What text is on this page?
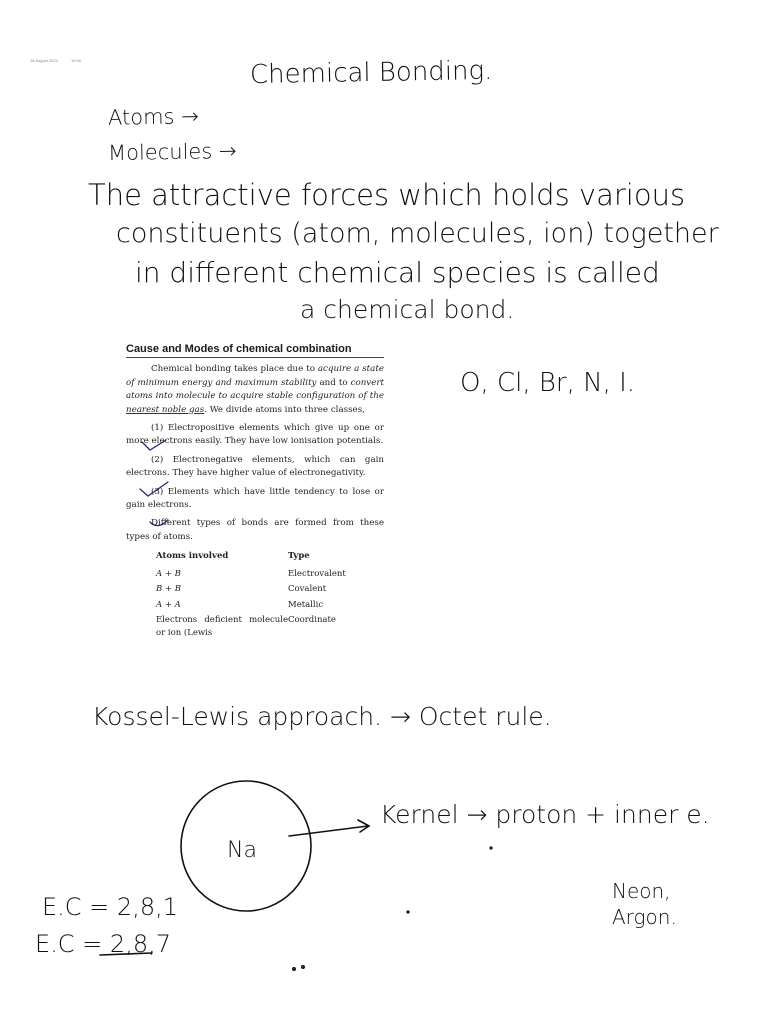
28 August 2024	19:00	Chemical Bonding.
Atoms →
Molecules →
The attractive forces which holds various
constituents (atom, molecules, ion) together
in different chemical species is called
a chemical bond.
Cause and Modes of chemical combination

Chemical bonding takes place due to acquire a state of minimum energy and maximum stability and to convert atoms into molecule to acquire stable configuration of the nearest noble gas. We divide atoms into three classes,

(1) Electropositive elements which give up one or more electrons easily. They have low ionisation potentials.

(2) Electronegative elements, which can gain electrons. They have higher value of electronegativity.

(3) Elements which have little tendency to lose or gain electrons.

Different types of bonds are formed from these types of atoms.

Atoms involved	Type
A + B	Electrovalent
B + B	Covalent
A + A	Metallic
Electrons deficient molecule or ion (Lewis	Coordinate
O, Cl, Br, N, I.
Kossel-Lewis approach. → Octet rule.
Kernel → proton + inner e.
Na
Neon, Argon.
E.C = 2,8,1
E.C = 2,8,7
